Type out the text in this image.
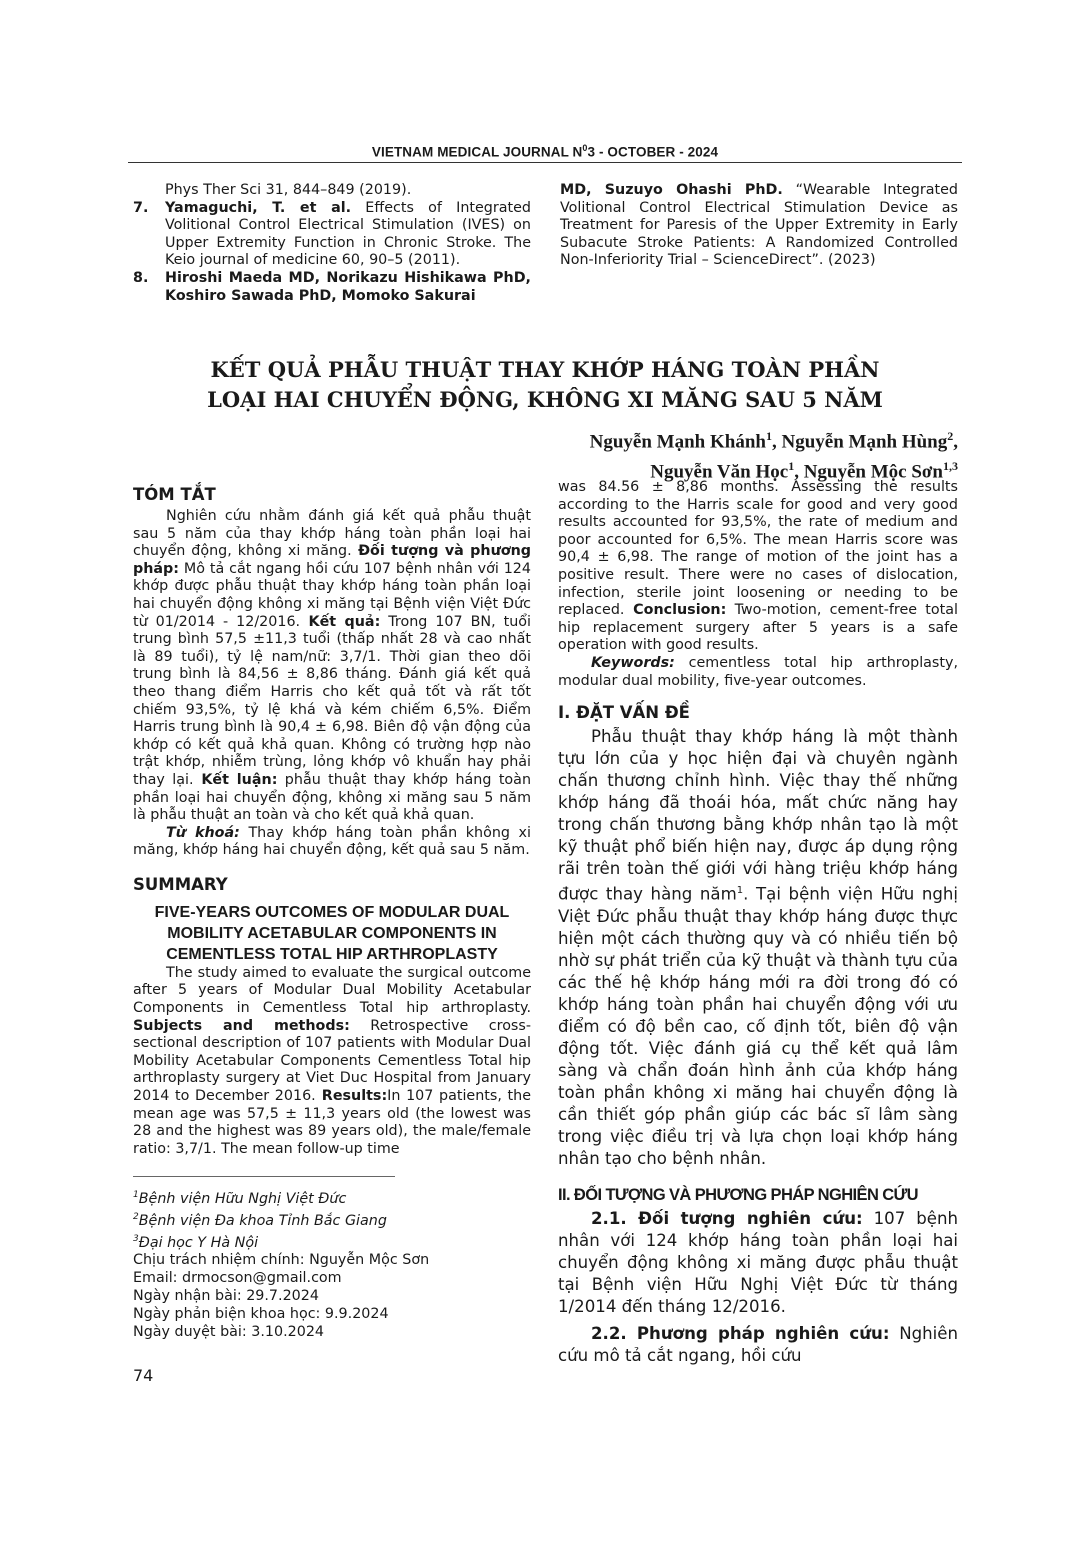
VIETNAM MEDICAL JOURNAL $N^03$ - OCTOBER - 2024
Phys Ther Sci 31, 844–849 (2019).
7. Yamaguchi, T. et al. Effects of Integrated Volitional Control Electrical Stimulation (IVES) on Upper Extremity Function in Chronic Stroke. The Keio journal of medicine 60, 90–5 (2011).
8. Hiroshi Maeda MD, Norikazu Hishikawa PhD, Koshiro Sawada PhD, Momoko Sakurai
MD, Suzuyo Ohashi PhD. “Wearable Integrated Volitional Control Electrical Stimulation Device as Treatment for Paresis of the Upper Extremity in Early Subacute Stroke Patients: A Randomized Controlled Non-Inferiority Trial – ScienceDirect”. (2023)
KẾT QUẢ PHẪU THUẬT THAY KHỚP HÁNG TOÀN PHẦN
LOẠI HAI CHUYỂN ĐỘNG, KHÔNG XI MĂNG SAU 5 NĂM
Nguyễn Mạnh Khánh$^1$, Nguyễn Mạnh Hùng$^2$,
Nguyễn Văn Học$^1$, Nguyễn Mộc Sơn$^{1,3}$
TÓM TẮT

Nghiên cứu nhằm đánh giá kết quả phẫu thuật sau 5 năm của thay khớp háng toàn phần loại hai chuyển động, không xi măng. Đối tượng và phương pháp: Mô tả cắt ngang hồi cứu 107 bệnh nhân với 124 khớp được phẫu thuật thay khớp háng toàn phần loại hai chuyển động không xi măng tại Bệnh viện Việt Đức từ 01/2014 - 12/2016. Kết quả: Trong 107 BN, tuổi trung bình 57,5 ±11,3 tuổi (thấp nhất 28 và cao nhất là 89 tuổi), tỷ lệ nam/nữ: 3,7/1. Thời gian theo dõi trung bình là 84,56 ± 8,86 tháng. Đánh giá kết quả theo thang điểm Harris cho kết quả tốt và rất tốt chiếm 93,5%, tỷ lệ khá và kém chiếm 6,5%. Điểm Harris trung bình là 90,4 ± 6,98. Biên độ vận động của khớp có kết quả khả quan. Không có trường hợp nào trật khớp, nhiễm trùng, lỏng khớp vô khuẩn hay phải thay lại. Kết luận: phẫu thuật thay khớp háng toàn phần loại hai chuyển động, không xi măng sau 5 năm là phẫu thuật an toàn và cho kết quả khả quan.

Từ khoá: Thay khớp háng toàn phần không xi măng, khớp háng hai chuyển động, kết quả sau 5 năm.

SUMMARY
FIVE-YEARS OUTCOMES OF MODULAR DUAL MOBILITY ACETABULAR COMPONENTS IN CEMENTLESS TOTAL HIP ARTHROPLASTY

The study aimed to evaluate the surgical outcome after 5 years of Modular Dual Mobility Acetabular Components in Cementless Total hip arthroplasty. Subjects and methods: Retrospective cross-sectional description of 107 patients with Modular Dual Mobility Acetabular Components Cementless Total hip arthroplasty surgery at Viet Duc Hospital from January 2014 to December 2016. Results:In 107 patients, the mean age was 57,5 ± 11,3 years old (the lowest was 28 and the highest was 89 years old), the male/female ratio: 3,7/1. The mean follow-up time

$^1$Bệnh viện Hữu Nghị Việt Đức
$^2$Bệnh viện Đa khoa Tỉnh Bắc Giang
$^3$Đại học Y Hà Nội
Chịu trách nhiệm chính: Nguyễn Mộc Sơn
Email: drmocson@gmail.com
Ngày nhận bài: 29.7.2024
Ngày phản biện khoa học: 9.9.2024
Ngày duyệt bài: 3.10.2024

was 84.56 ± 8,86 months. Assessing the results according to the Harris scale for good and very good results accounted for 93,5%, the rate of medium and poor accounted for 6,5%. The mean Harris score was 90,4 ± 6,98. The range of motion of the joint has a positive result. There were no cases of dislocation, infection, sterile joint loosening or needing to be replaced. Conclusion: Two-motion, cement-free total hip replacement surgery after 5 years is a safe operation with good results.

Keywords: cementless total hip arthroplasty, modular dual mobility, five-year outcomes.

I. ĐẶT VẤN ĐỀ

Phẫu thuật thay khớp háng là một thành tựu lớn của y học hiện đại và chuyên ngành chấn thương chỉnh hình. Việc thay thế những khớp háng đã thoái hóa, mất chức năng hay trong chấn thương bằng khớp nhân tạo là một kỹ thuật phổ biến hiện nay, được áp dụng rộng rãi trên toàn thế giới với hàng triệu khớp háng được thay hàng năm$^1$. Tại bệnh viện Hữu nghị Việt Đức phẫu thuật thay khớp háng được thực hiện một cách thường quy và có nhiều tiến bộ nhờ sự phát triển của kỹ thuật và thành tựu của các thế hệ khớp háng mới ra đời trong đó có khớp háng toàn phần hai chuyển động với ưu điểm có độ bền cao, cố định tốt, biên độ vận động tốt. Việc đánh giá cụ thể kết quả lâm sàng và chẩn đoán hình ảnh của khớp háng toàn phần không xi măng hai chuyển động là cần thiết góp phần giúp các bác sĩ lâm sàng trong việc điều trị và lựa chọn loại khớp háng nhân tạo cho bệnh nhân.

II. ĐỐI TƯỢNG VÀ PHƯƠNG PHÁP NGHIÊN CỨU

2.1. Đối tượng nghiên cứu: 107 bệnh nhân với 124 khớp háng toàn phần loại hai chuyển động không xi măng được phẫu thuật tại Bệnh viện Hữu Nghị Việt Đức từ tháng 1/2014 đến tháng 12/2016.

2.2. Phương pháp nghiên cứu: Nghiên cứu mô tả cắt ngang, hồi cứu

74
